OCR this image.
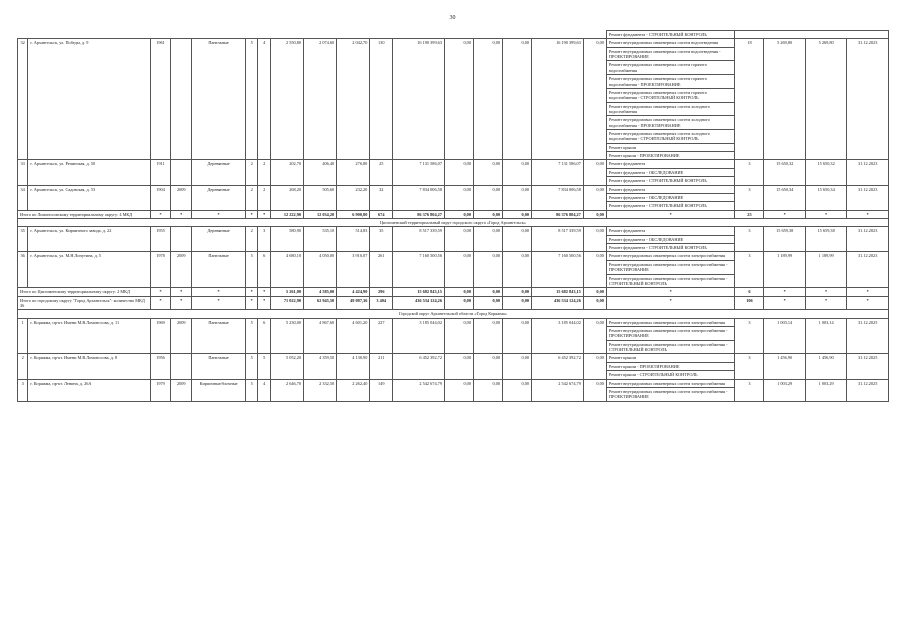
30
																	Ремонт фундамента - СТРОИТЕЛЬНЫЙ КОНТРОЛЬ				
32	г. Архангельск, ул. Победы, д. 9	1961		Панельные	5	4	2 550,80	2 074,60	2 042,70	130	16 190 399,63	0,00	0,00	0,00	16 190 399,63	0,00	Ремонт внутридомовых инженерных систем водоотведения	18	5 269,80	5 269,80	31.12.2023
																	Ремонт внутридомовых инженерных систем водоотведения - ПРОЕКТИРОВАНИЕ				
																	Ремонт внутридомовых инженерных систем горячего водоснабжения				
																	Ремонт внутридомовых инженерных систем горячего водоснабжения - ПРОЕКТИРОВАНИЕ				
																	Ремонт внутридомовых инженерных систем горячего водоснабжения - СТРОИТЕЛЬНЫЙ КОНТРОЛЬ				
																	Ремонт внутридомовых инженерных систем холодного водоснабжения				
																	Ремонт внутридомовых инженерных систем холодного водоснабжения - ПРОЕКТИРОВАНИЕ				
																	Ремонт внутридомовых инженерных систем холодного водоснабжения - СТРОИТЕЛЬНЫЙ КОНТРОЛЬ				
																	Ремонт крыши				
																	Ремонт крыши - ПРОЕКТИРОВАНИЕ				
33	г. Архангельск, ул. Репинская, д. 50	1911		Деревянные	2	2	202,70	406,40	276,80	25	7 131 586,07	0,00	0,00	0,00	7 131 586,07	0,00	Ремонт фундамента	3	15 650,32	15 650,32	31.12.2023
																	Ремонт фундамента - ОБСЛЕДОВАНИЕ				
																	Ремонт фундамента - СТРОИТЕЛЬНЫЙ КОНТРОЛЬ				
34	г. Архангельск, ул. Садовская, д. 53	1904	2009	Деревянные	2	2	268,20	505,60	232,20	32	7 834 006,58	0,00	0,00	0,00	7 834 006,58	0,00	Ремонт фундамента	3	15 650,34	15 650,34	31.12.2023
																	Ремонт фундамента - ОБСЛЕДОВАНИЕ				
																	Ремонт фундамента - СТРОИТЕЛЬНЫЙ КОНТРОЛЬ				
Итого по Ломоносовскому территориальному округу: 4 МКД		*	*	*	*	*	12 222,90	12 034,20	6 900,80	674	86 376 804,27	0,00	0,00	0,00	86 376 804,27	0,00	*	25	*	*	*
Цигломенский территориальный округ городского округа «Город Архангельск»																					
35	г. Архангельск, ул. Кирпичного завода, д. 22	1955		Деревянные	2	3	580,90	535,10	514,83	35	8 517 339,59	0,00	0,00	0,00	8 517 339,59	0,00	Ремонт фундамента	3	15 659,38	15 659,38	31.12.2023
																	Ремонт фундамента - ОБСЛЕДОВАНИЕ				
																	Ремонт фундамента - СТРОИТЕЛЬНЫЙ КОНТРОЛЬ				
36	г. Архангельск, ул. М.Н.Личутина, д. 5	1978	2009	Панельные	5	6	4 680,10	4 050,00	3 910,07	261	7 160 500,56	0,00	0,00	0,00	7 160 500,56	0,00	Ремонт внутридомовых инженерных систем электроснабжения	3	1 189,99	1 189,99	31.12.2023
																	Ремонт внутридомовых инженерных систем электроснабжения - ПРОЕКТИРОВАНИЕ				
																	Ремонт внутридомовых инженерных систем электроснабжения - СТРОИТЕЛЬНЫЙ КОНТРОЛЬ				
Итого по Цигломенскому территориальному округу: 2 МКД		*	*	*	*	*	5 261,00	4 585,00	4 424,90	296	15 682 843,15	0,00	0,00	0,00	15 682 843,15	0,00	*	6	*	*	*
Итого по городскому округу "Город Архангельск": количество МКД 36		*	*	*	*	*	71 022,90	62 945,50	49 087,36	3 404	436 534 124,26	0,00	0,00	0,00	436 534 124,26	0,00	*	106	*	*	*
Городской округ Архангельской области «Город Коряжма»																					
1	г. Коряжма, пр-кт. Имени М.В.Ломоносова, д. 11	1969	2009	Панельные	5	6	5 230,00	4 867,60	4 601,20	227	3 185 044,02	0,00	0,00	0,00	3 185 044,02	0,00	Ремонт внутридомовых инженерных систем электроснабжения	3	1 003,14	1 003,14	31.12.2025
																	Ремонт внутридомовых инженерных систем электроснабжения - ПРОЕКТИРОВАНИЕ				
																	Ремонт внутридомовых инженерных систем электроснабжения - СТРОИТЕЛЬНЫЙ КОНТРОЛЬ				
2	г. Коряжма, пр-кт. Имени М.В.Ломоносова, д. 8	1956		Панельные	5	5	5 052,20	4 359,50	4 130,90	211	6 452 392,72	0,00	0,00	0,00	6 452 392,72	0,00	Ремонт крыши	3	1 456,90	1 456,90	31.12.2025
																	Ремонт крыши - ПРОЕКТИРОВАНИЕ				
																	Ремонт крыши - СТРОИТЕЛЬНЫЙ КОНТРОЛЬ				
3	г. Коряжма, пр-кт. Ленина, д. 26А	1979	2009	Кирпичные/блочные	5	4	2 646,70	2 332,50	2 262,40	149	2 542 674,79	0,00	0,00	0,00	2 542 674,79	0,00	Ремонт внутридомовых инженерных систем электроснабжения	3	1 003,29	1 003,29	31.12.2025
																	Ремонт внутридомовых инженерных систем электроснабжения - ПРОЕКТИРОВАНИЕ				
